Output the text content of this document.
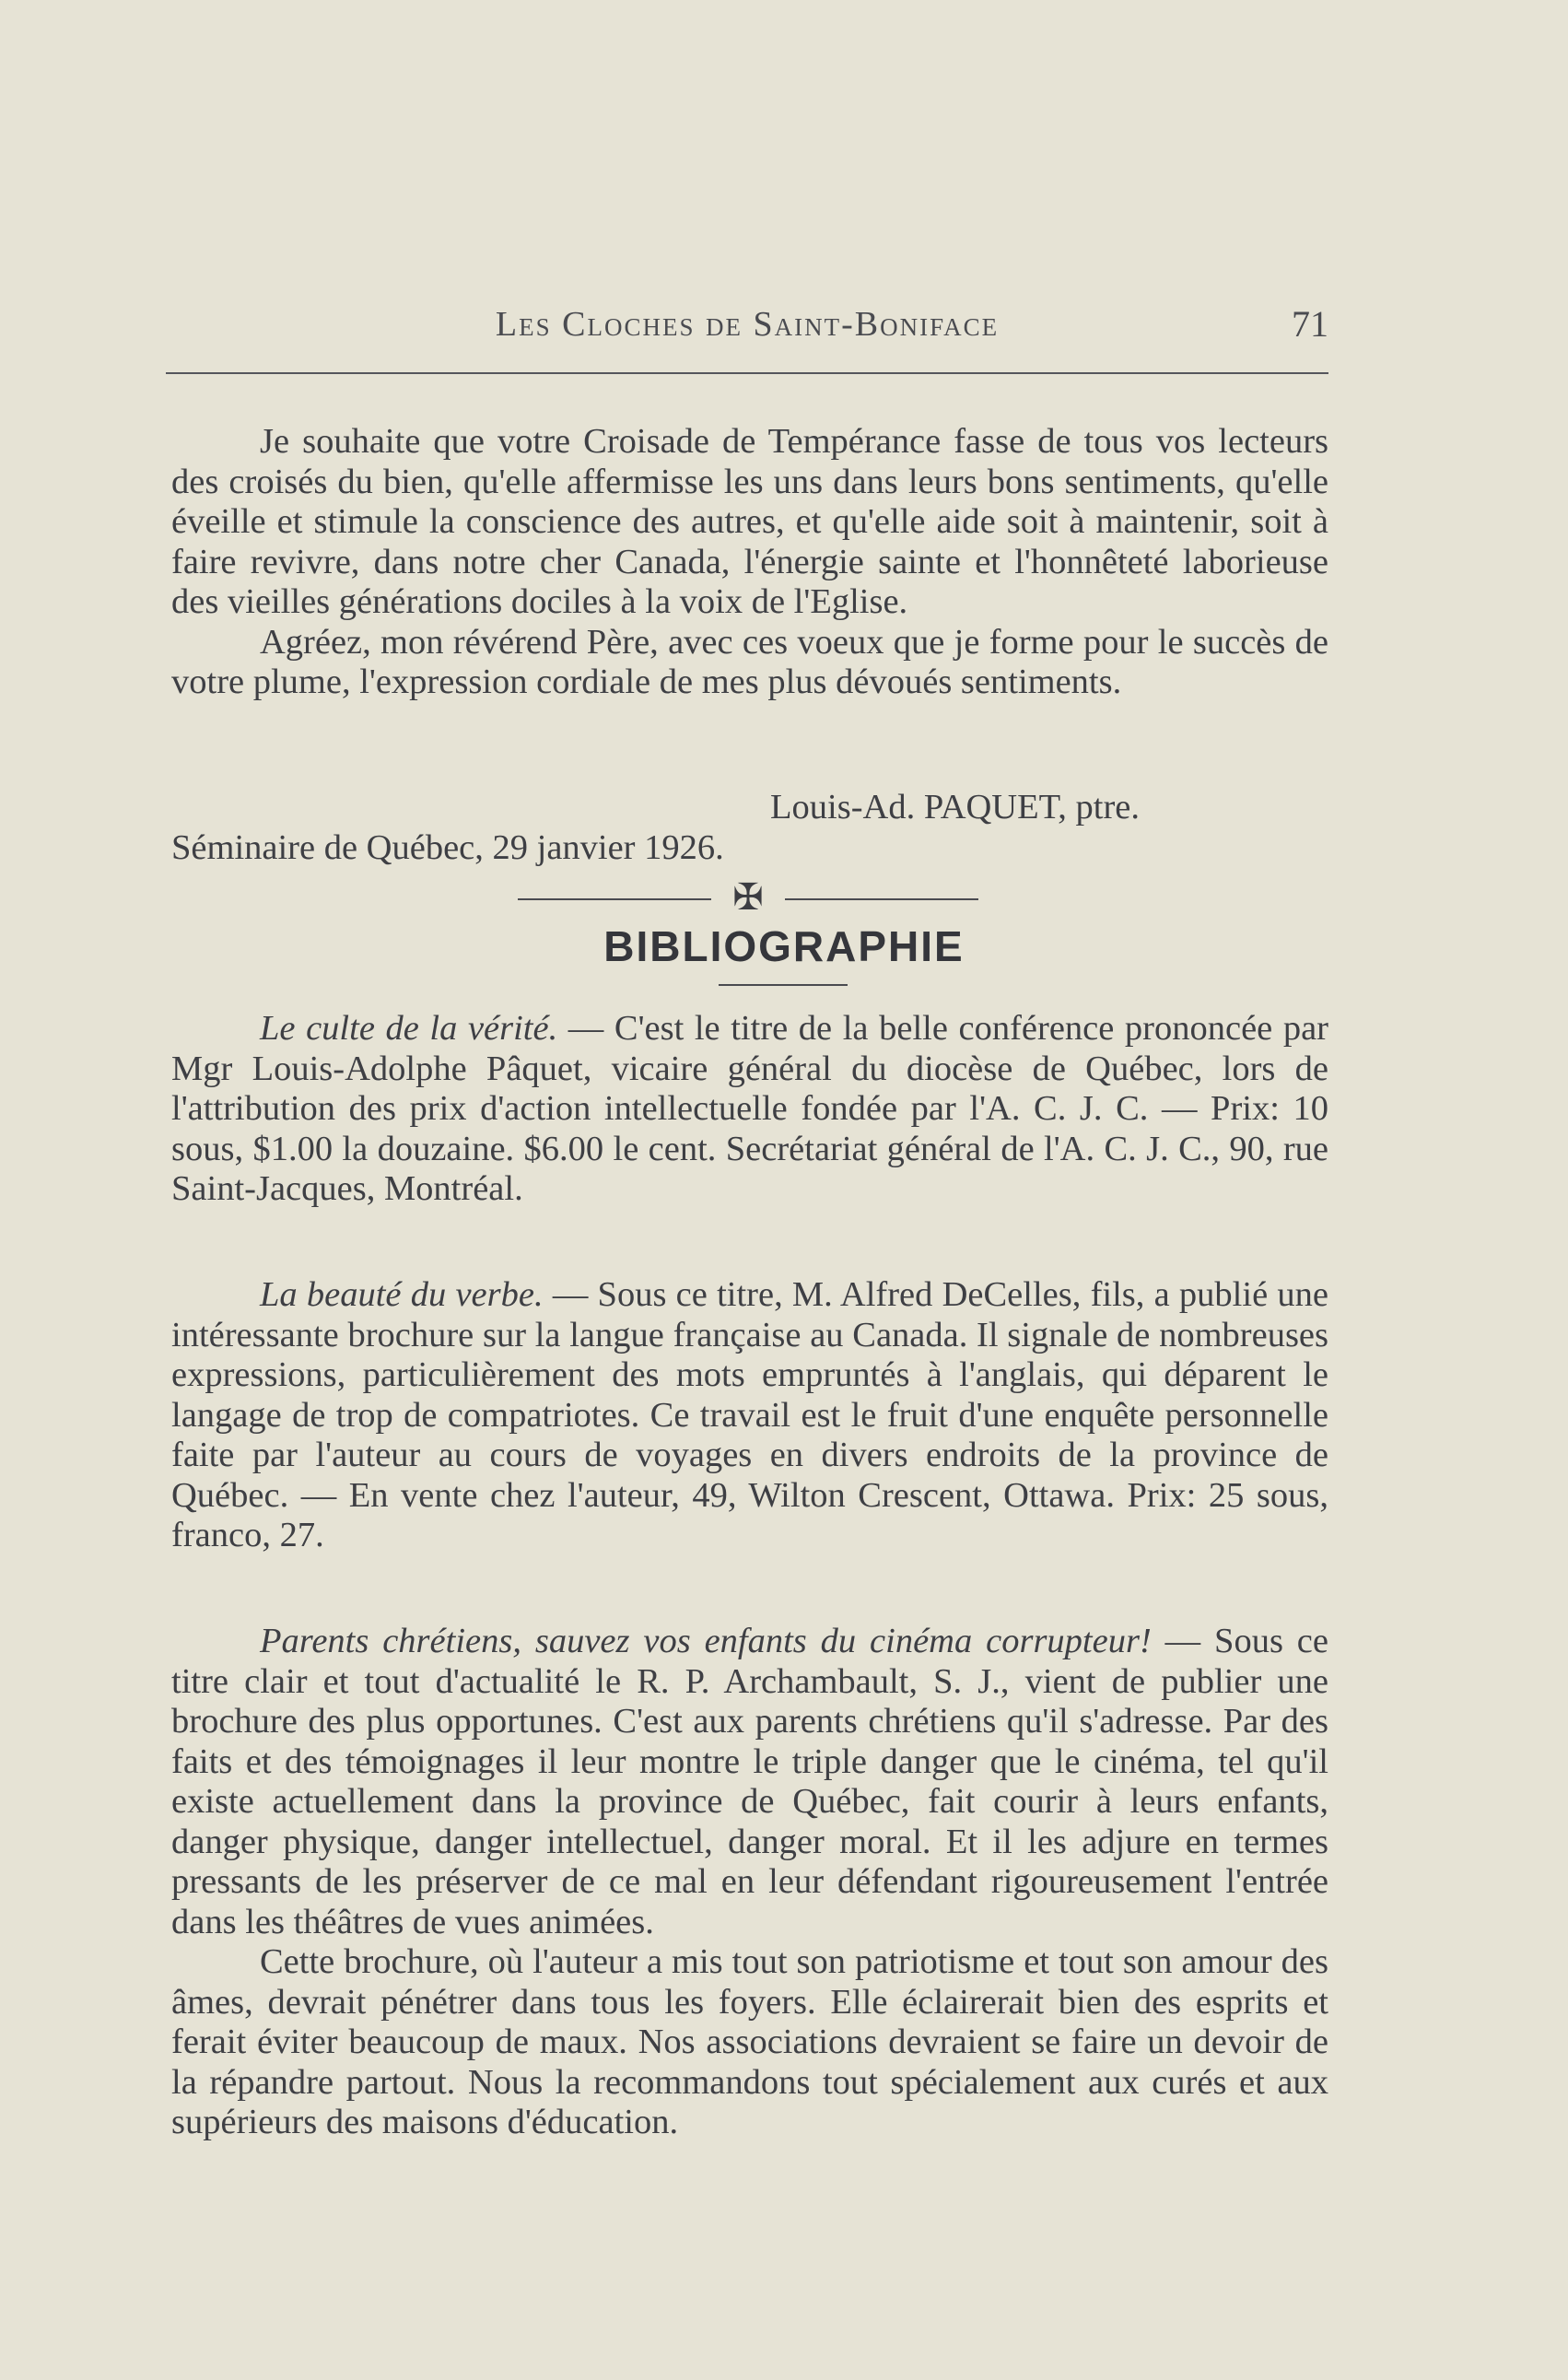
Les Cloches de Saint-Boniface	71

Je souhaite que votre Croisade de Tempérance fasse de tous vos lecteurs des croisés du bien, qu'elle affermisse les uns dans leurs bons sentiments, qu'elle éveille et stimule la conscience des autres, et qu'elle aide soit à maintenir, soit à faire revivre, dans notre cher Canada, l'énergie sainte et l'honnêteté laborieuse des vieilles générations dociles à la voix de l'Eglise.

Agréez, mon révérend Père, avec ces voeux que je forme pour le succès de votre plume, l'expression cordiale de mes plus dévoués sentiments.

Louis-Ad. PAQUET, ptre.
Séminaire de Québec, 29 janvier 1926.
✠
BIBLIOGRAPHIE

Le culte de la vérité. — C'est le titre de la belle conférence prononcée par Mgr Louis-Adolphe Pâquet, vicaire général du diocèse de Québec, lors de l'attribution des prix d'action intellectuelle fondée par l'A. C. J. C. — Prix: 10 sous, $1.00 la douzaine. $6.00 le cent. Secrétariat général de l'A. C. J. C., 90, rue Saint-Jacques, Montréal.

La beauté du verbe. — Sous ce titre, M. Alfred DeCelles, fils, a publié une intéressante brochure sur la langue française au Canada. Il signale de nombreuses expressions, particulièrement des mots empruntés à l'anglais, qui déparent le langage de trop de compatriotes. Ce travail est le fruit d'une enquête personnelle faite par l'auteur au cours de voyages en divers endroits de la province de Québec. — En vente chez l'auteur, 49, Wilton Crescent, Ottawa. Prix: 25 sous, franco, 27.

Parents chrétiens, sauvez vos enfants du cinéma corrupteur! — Sous ce titre clair et tout d'actualité le R. P. Archambault, S. J., vient de publier une brochure des plus opportunes. C'est aux parents chrétiens qu'il s'adresse. Par des faits et des témoignages il leur montre le triple danger que le cinéma, tel qu'il existe actuellement dans la province de Québec, fait courir à leurs enfants, danger physique, danger intellectuel, danger moral. Et il les adjure en termes pressants de les préserver de ce mal en leur défendant rigoureusement l'entrée dans les théâtres de vues animées.

Cette brochure, où l'auteur a mis tout son patriotisme et tout son amour des âmes, devrait pénétrer dans tous les foyers. Elle éclairerait bien des esprits et ferait éviter beaucoup de maux. Nos associations devraient se faire un devoir de la répandre partout. Nous la recommandons tout spécialement aux curés et aux supérieurs des maisons d'éducation.
